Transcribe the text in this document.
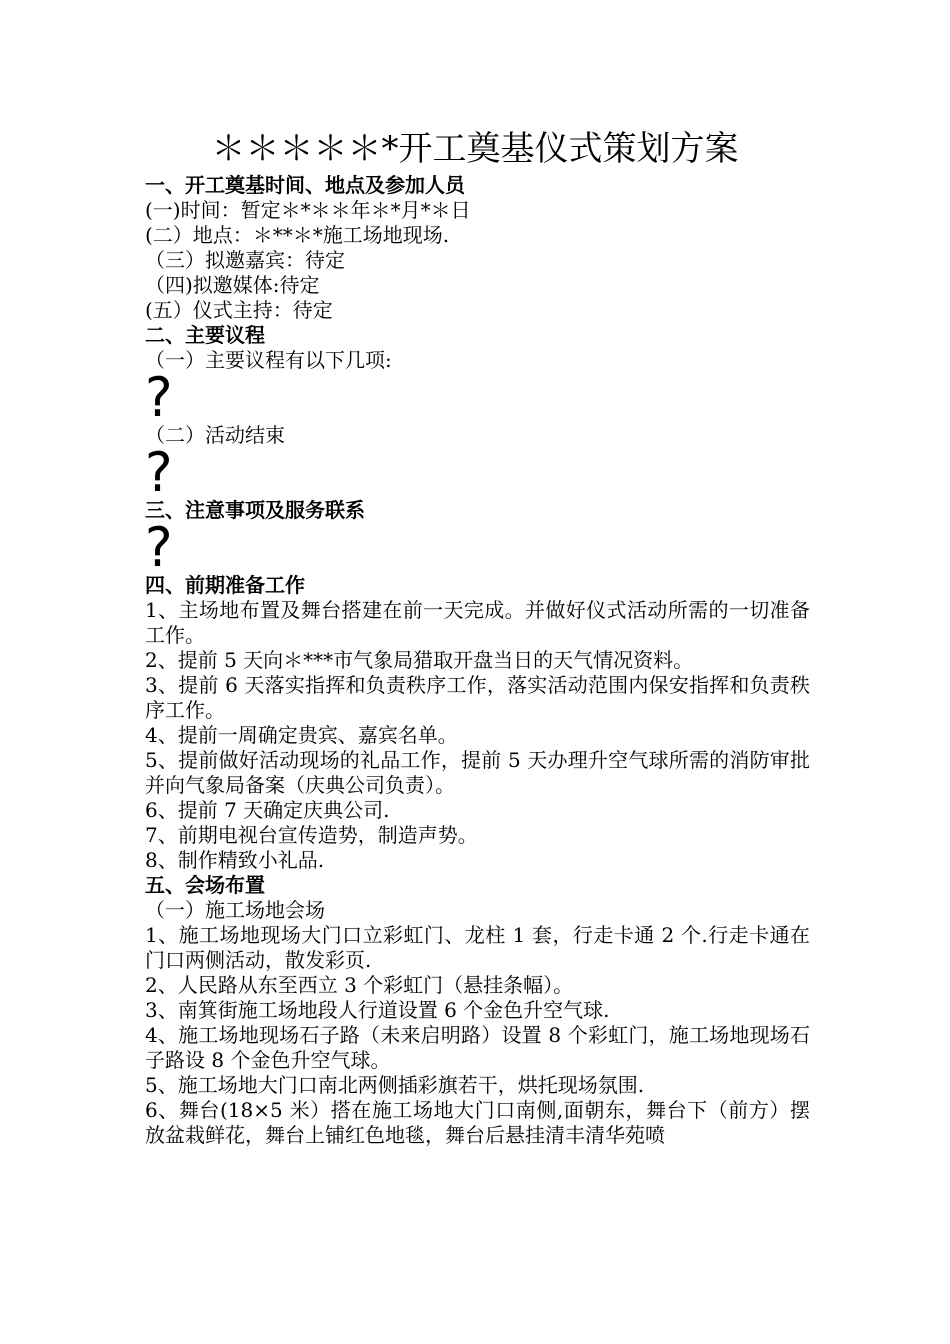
＊＊＊＊＊*开工奠基仪式策划方案
一、开工奠基时间、地点及参加人员
(一)时间：暂定＊*＊＊年＊*月*＊日
(二）地点：＊**＊*施工场地现场.
（三）拟邀嘉宾：待定
（四)拟邀媒体:待定
(五）仪式主持：待定
二、主要议程
（一）主要议程有以下几项:
?
（二）活动结束
?
三、注意事项及服务联系
?
四、前期准备工作
1、主场地布置及舞台搭建在前一天完成。并做好仪式活动所需的一切准备工作。
2、提前 5 天向＊***市气象局猎取开盘当日的天气情况资料。
3、提前 6 天落实指挥和负责秩序工作，落实活动范围内保安指挥和负责秩序工作。
4、提前一周确定贵宾、嘉宾名单。
5、提前做好活动现场的礼品工作，提前 5 天办理升空气球所需的消防审批并向气象局备案（庆典公司负责）。
6、提前 7 天确定庆典公司.
7、前期电视台宣传造势，制造声势。
8、制作精致小礼品.
五、会场布置
（一）施工场地会场
1、施工场地现场大门口立彩虹门、龙柱 1 套，行走卡通 2 个.行走卡通在门口两侧活动，散发彩页.
2、人民路从东至西立 3 个彩虹门（悬挂条幅）。
3、南箕街施工场地段人行道设置 6 个金色升空气球.
4、施工场地现场石子路（未来启明路）设置 8 个彩虹门，施工场地现场石子路设 8 个金色升空气球。
5、施工场地大门口南北两侧插彩旗若干，烘托现场氛围.
6、舞台(18×5 米）搭在施工场地大门口南侧,面朝东，舞台下（前方）摆放盆栽鲜花，舞台上铺红色地毯，舞台后悬挂清丰清华苑喷
